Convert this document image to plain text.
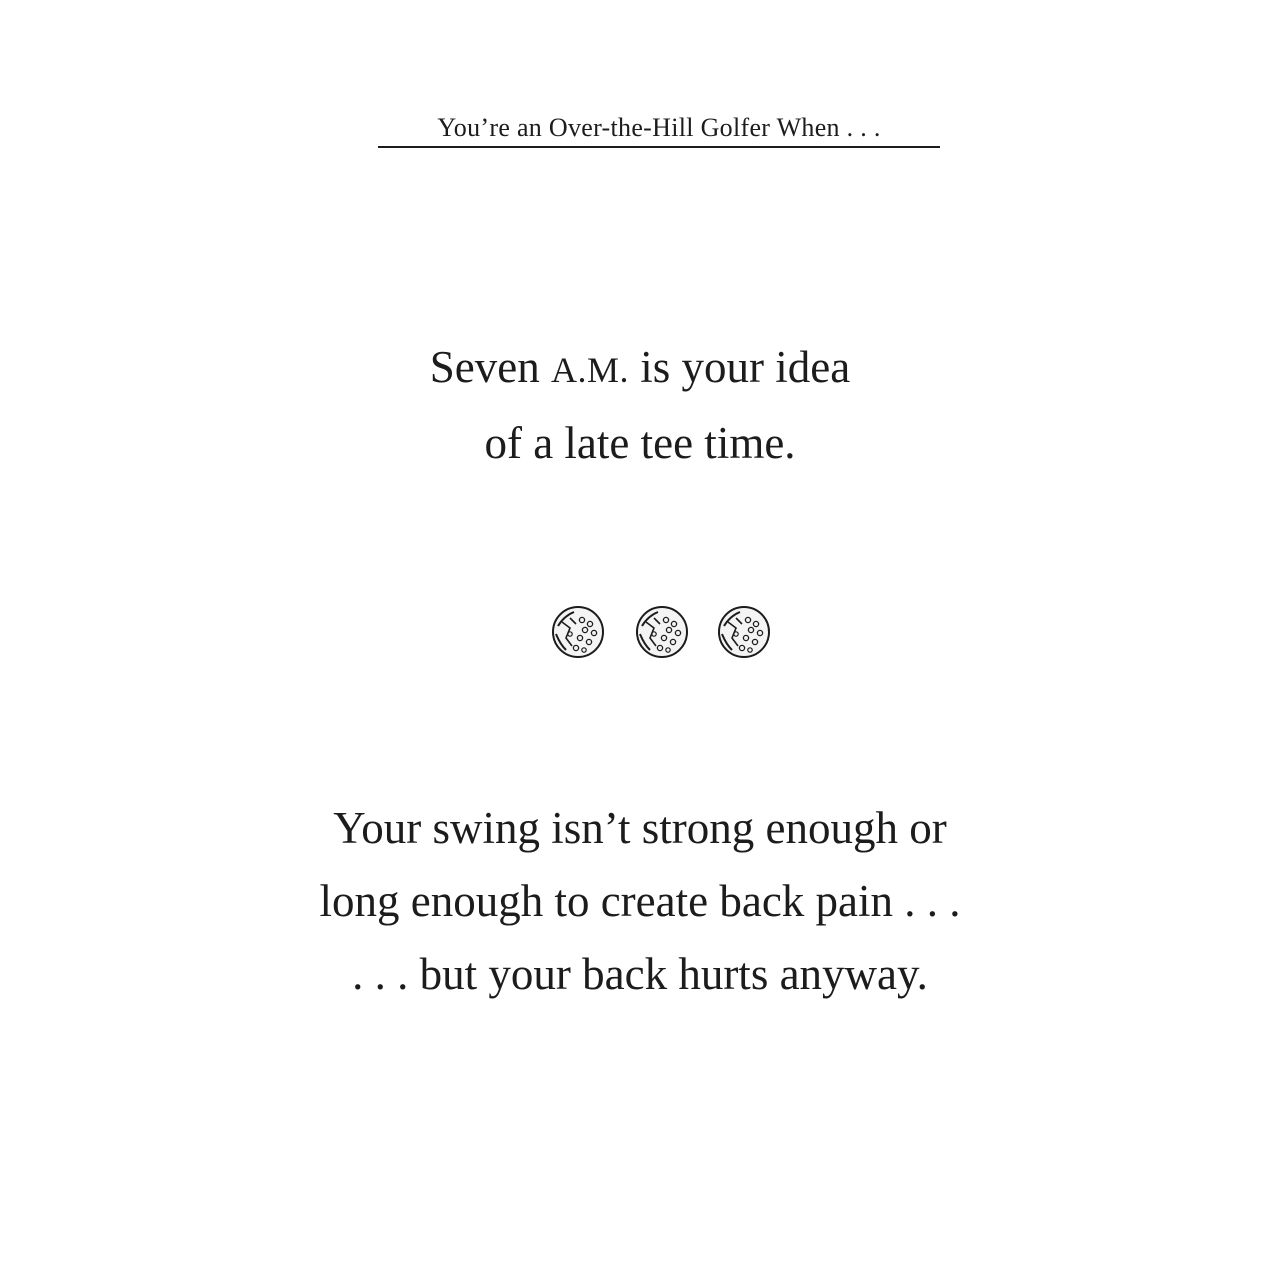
You’re an Over-the-Hill Golfer When . . .

Seven A.M. is your idea
of a late tee time.

Your swing isn’t strong enough or
long enough to create back pain . . .
. . . but your back hurts anyway.
